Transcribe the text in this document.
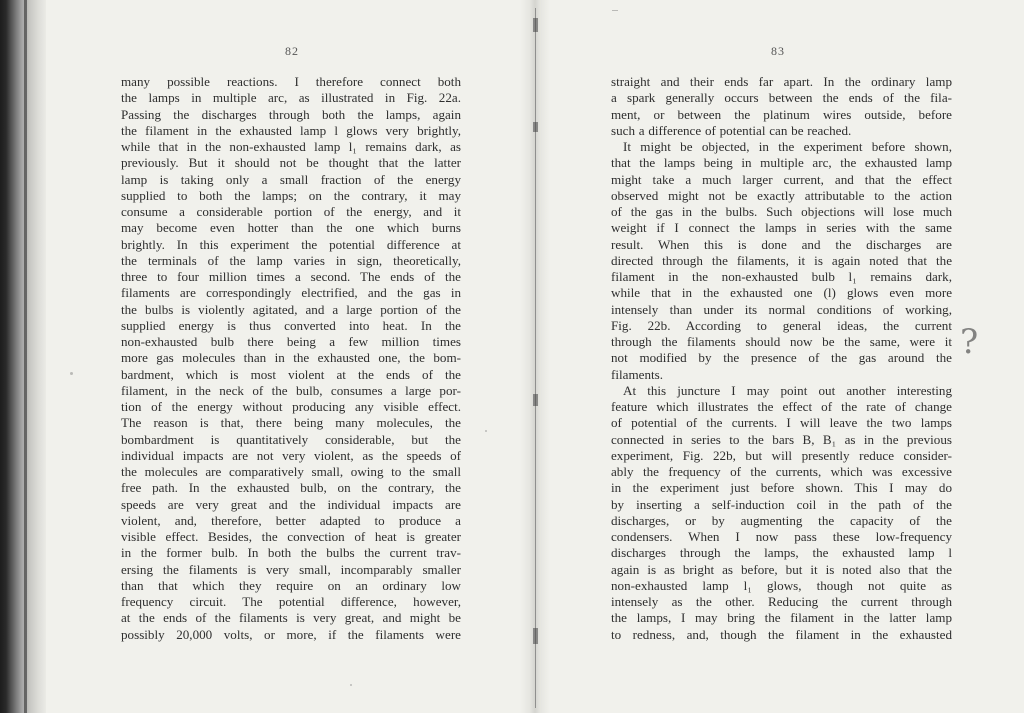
82
many possible reactions. I therefore connect both
the lamps in multiple arc, as illustrated in Fig. 22a.
Passing the discharges through both the lamps, again
the filament in the exhausted lamp l glows very brightly,
while that in the non-exhausted lamp l₁ remains dark, as
previously. But it should not be thought that the latter
lamp is taking only a small fraction of the energy
supplied to both the lamps; on the contrary, it may
consume a considerable portion of the energy, and it
may become even hotter than the one which burns
brightly. In this experiment the potential difference at
the terminals of the lamp varies in sign, theoretically,
three to four million times a second. The ends of the
filaments are correspondingly electrified, and the gas in
the bulbs is violently agitated, and a large portion of the
supplied energy is thus converted into heat. In the
non-exhausted bulb there being a few million times
more gas molecules than in the exhausted one, the bom-
bardment, which is most violent at the ends of the
filament, in the neck of the bulb, consumes a large por-
tion of the energy without producing any visible effect.
The reason is that, there being many molecules, the
bombardment is quantitatively considerable, but the
individual impacts are not very violent, as the speeds of
the molecules are comparatively small, owing to the small
free path. In the exhausted bulb, on the contrary, the
speeds are very great and the individual impacts are
violent, and, therefore, better adapted to produce a
visible effect. Besides, the convection of heat is greater
in the former bulb. In both the bulbs the current trav-
ersing the filaments is very small, incomparably smaller
than that which they require on an ordinary low
frequency circuit. The potential difference, however,
at the ends of the filaments is very great, and might be
possibly 20,000 volts, or more, if the filaments were
83
straight and their ends far apart. In the ordinary lamp
a spark generally occurs between the ends of the fila-
ment, or between the platinum wires outside, before
such a difference of potential can be reached.
It might be objected, in the experiment before shown,
that the lamps being in multiple arc, the exhausted lamp
might take a much larger current, and that the effect
observed might not be exactly attributable to the action
of the gas in the bulbs. Such objections will lose much
weight if I connect the lamps in series with the same
result. When this is done and the discharges are
directed through the filaments, it is again noted that the
filament in the non-exhausted bulb l₁ remains dark,
while that in the exhausted one (l) glows even more
intensely than under its normal conditions of working,
Fig. 22b. According to general ideas, the current
through the filaments should now be the same, were it
not modified by the presence of the gas around the
filaments.
At this juncture I may point out another interesting
feature which illustrates the effect of the rate of change
of potential of the currents. I will leave the two lamps
connected in series to the bars B, B₁ as in the previous
experiment, Fig. 22b, but will presently reduce consider-
ably the frequency of the currents, which was excessive
in the experiment just before shown. This I may do
by inserting a self-induction coil in the path of the
discharges, or by augmenting the capacity of the
condensers. When I now pass these low-frequency
discharges through the lamps, the exhausted lamp l
again is as bright as before, but it is noted also that the
non-exhausted lamp l₁ glows, though not quite as
intensely as the other. Reducing the current through
the lamps, I may bring the filament in the latter lamp
to redness, and, though the filament in the exhausted
?
